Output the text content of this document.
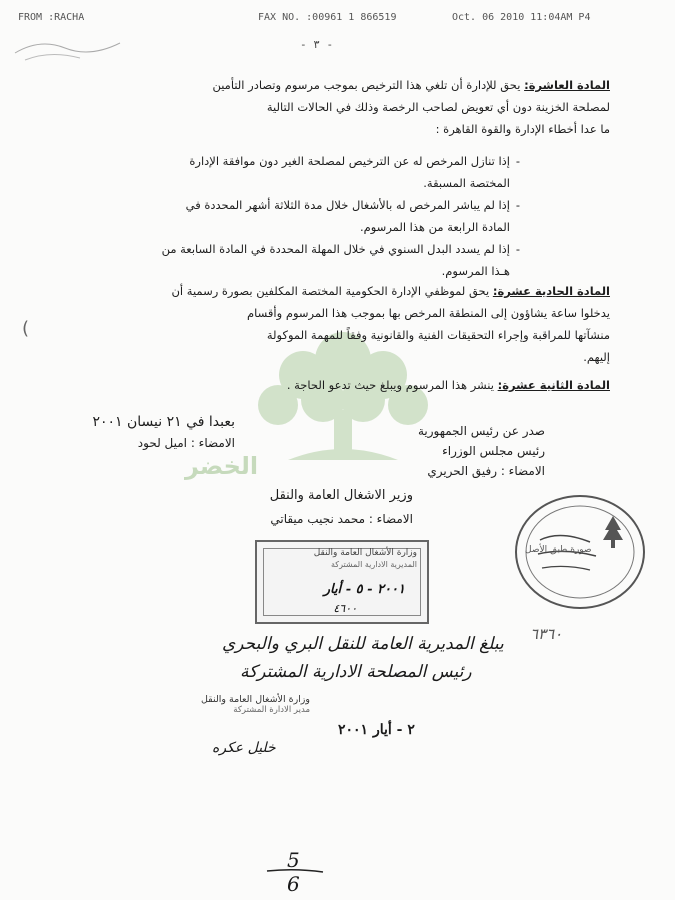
FROM :RACHA	FAX NO. :00961 1 866519	Oct. 06 2010 11:04AM P4
- ٣ -
الخضر
المادة العاشرة: يحق للإدارة أن تلغي هذا الترخيص بموجب مرسوم وتصادر التأمين
لمصلحة الخزينة دون أي تعويض لصاحب الرخصة وذلك في الحالات التالية
ما عدا أخطاء الإدارة والقوة القاهرة :
إذا تنازل المرخص له عن الترخيص لمصلحة الغير دون موافقة الإدارة المختصة المسبقة. -
إذا لم يباشر المرخص له بالأشغال خلال مدة الثلاثة أشهر المحددة في المادة الرابعة من هذا المرسوم. -
إذا لم يسدد البدل السنوي في خلال المهلة المحددة في المادة السابعة من هـذا المرسوم. -
المادة الحادية عشرة: يحق لموظفي الإدارة الحكومية المختصة المكلفين بصورة رسمية أن
يدخلوا ساعة يشاؤون إلى المنطقة المرخص بها بموجب هذا المرسوم وأقسام
منشآتها للمراقبة وإجراء التحقيقات الفنية والقانونية وفقاً للمهمة الموكولة
إليهم.
(
المادة الثانية عشرة: ينشر هذا المرسوم ويبلغ حيث تدعو الحاجة .
بعبدا في ٢١ نيسان ٢٠٠١
الامضاء : اميل لحود
صدر عن رئيس الجمهورية
رئيس مجلس الوزراء
الامضاء : رفيق الحريري
وزير الاشغال العامة والنقل
الامضاء : محمد نجيب ميقاتي
وزارة الأشغال العامة والنقل
المديرية الادارية المشتركة
٢٠٠١ - ٥ - أيار
٤٦٠٠
صورة طبق الأصل
٦٣٦٠
يبلغ المديرية العامة للنقل البري والبحري
رئيس المصلحة الادارية المشتركة
وزارة الأشغال العامة والنقل
مدير الادارة المشتركة
٢ - أيار ٢٠٠١
خليل عكره
5
6
